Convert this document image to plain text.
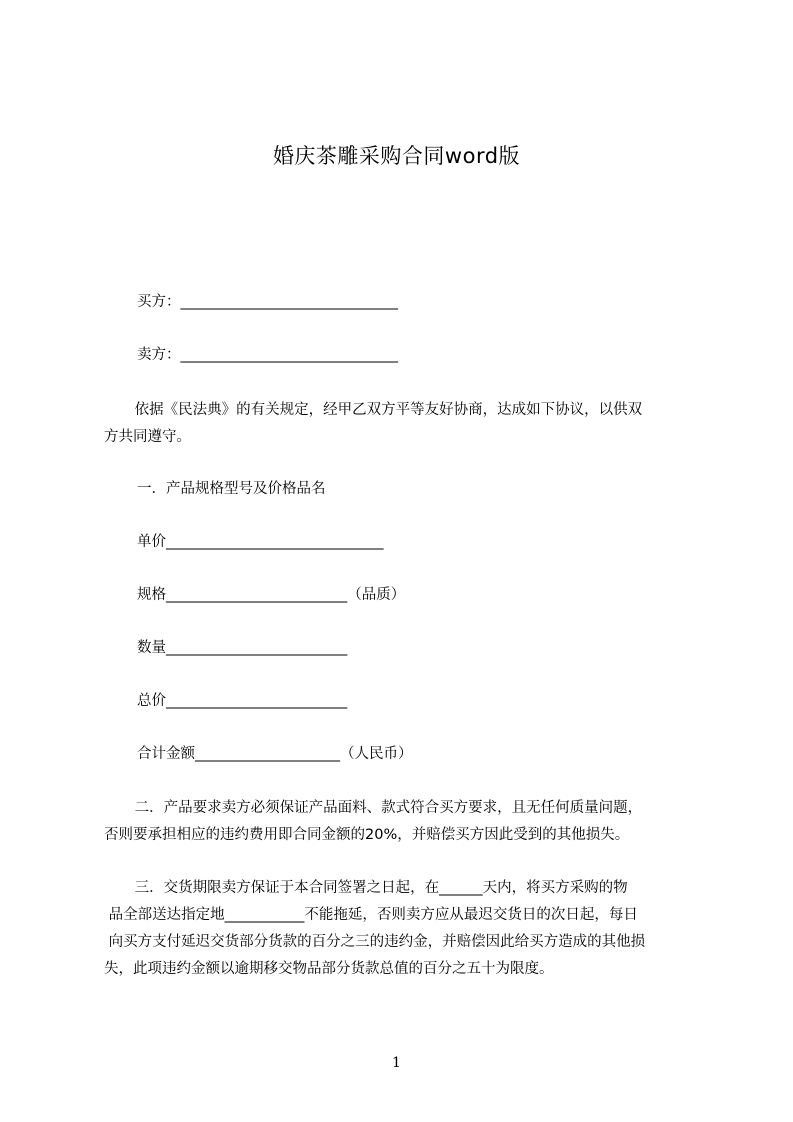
婚庆茶雕采购合同word版
买方：______________________________
卖方：______________________________
依据《民法典》的有关规定，经甲乙双方平等友好协商，达成如下协议，以供双
方共同遵守。
一．产品规格型号及价格品名
单价______________________________
规格_________________________（品质）
数量_________________________
总价_________________________
合计金额____________________（人民币）
二．产品要求卖方必须保证产品面料、款式符合买方要求，且无任何质量问题，
否则要承担相应的违约费用即合同金额的20%，并赔偿买方因此受到的其他损失。
三．交货期限卖方保证于本合同签署之日起，在______天内，将买方采购的物
品全部送达指定地___________不能拖延，否则卖方应从最迟交货日的次日起，每日
向买方支付延迟交货部分货款的百分之三的违约金，并赔偿因此给买方造成的其他损
失，此项违约金额以逾期移交物品部分货款总值的百分之五十为限度。
1
